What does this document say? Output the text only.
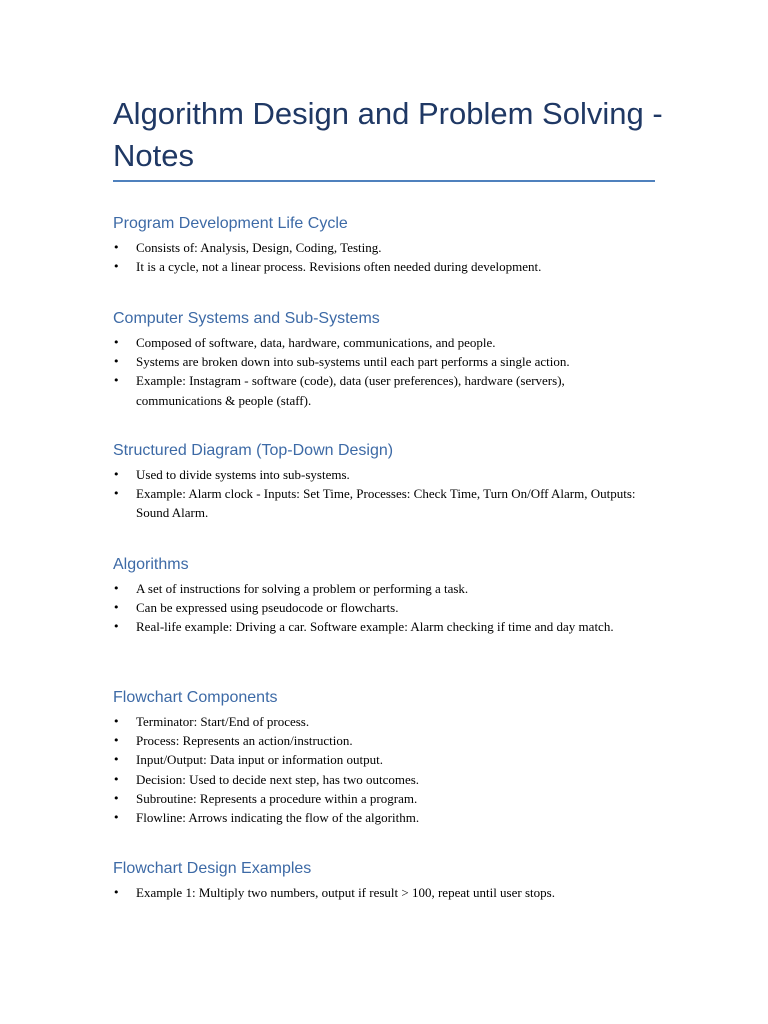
Algorithm Design and Problem Solving - Notes
Program Development Life Cycle
• Consists of: Analysis, Design, Coding, Testing.
• It is a cycle, not a linear process. Revisions often needed during development.
Computer Systems and Sub-Systems
• Composed of software, data, hardware, communications, and people.
• Systems are broken down into sub-systems until each part performs a single action.
• Example: Instagram - software (code), data (user preferences), hardware (servers), communications & people (staff).
Structured Diagram (Top-Down Design)
• Used to divide systems into sub-systems.
• Example: Alarm clock - Inputs: Set Time, Processes: Check Time, Turn On/Off Alarm, Outputs: Sound Alarm.
Algorithms
• A set of instructions for solving a problem or performing a task.
• Can be expressed using pseudocode or flowcharts.
• Real-life example: Driving a car. Software example: Alarm checking if time and day match.
Flowchart Components
• Terminator: Start/End of process.
• Process: Represents an action/instruction.
• Input/Output: Data input or information output.
• Decision: Used to decide next step, has two outcomes.
• Subroutine: Represents a procedure within a program.
• Flowline: Arrows indicating the flow of the algorithm.
Flowchart Design Examples
• Example 1: Multiply two numbers, output if result > 100, repeat until user stops.
